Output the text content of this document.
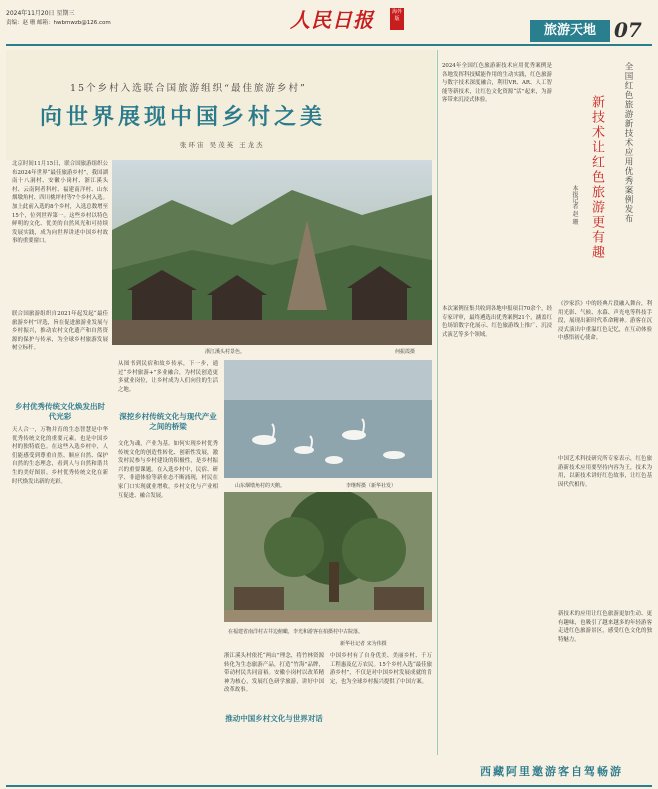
2024年11月20日 星期三
责编：赵 珊 邮箱：hwbmwzb@126.com	人民日报	海外版
旅游天地 07
15个乡村入选联合国旅游组织“最佳旅游乡村”
向世界展现中国乡村之美
张环宙 吴茂英 王龙杰
北京时间11月15日，联合国旅游组织公布2024年世界“最佳旅游乡村”，我国湖南十八洞村、安徽小岗村、浙江溪头村、云南阿者科村、福建南洋村、山东烟墩角村、四川桃坪村等7个乡村入选。加上此前入选的8个乡村，入选总数增至15个，位列世界第一。这些乡村以特色鲜明的文化、优美的自然风光和可持续发展实践，成为向世界讲述中国乡村故事的重要窗口。
联合国旅游组织自2021年起发起“最佳旅游乡村”评选，旨在促进旅游业发展与乡村振兴，推动农村文化遗产和自然资源的保护与传承，为全球乡村旅游发展树立标杆。
乡村优秀传统文化焕发出时代光彩
天人合一，万物并育的生态智慧是中华优秀传统文化的重要元素，也是中国乡村的独特底色。在这些入选乡村中，人们能感受到尊重自然、顺应自然、保护自然的生态理念，看到人与自然和谐共生的美好图景。乡村优秀传统文化在新时代焕发出新的光彩。
浙江溪头村景色。	何振霞摄
从图书到民宿和故乡传承，下一步，通过“乡村旅游+”多业融合，为村民创造更多就业岗位，让乡村成为人们向往的生活之地。
深挖乡村传统文化与现代产业之间的桥梁
文化为魂，产业为基。如何实现乡村优秀传统文化的创造性转化、创新性发展，激发村民参与乡村建设的积极性，是乡村振兴的重要课题。在入选乡村中，民宿、研学、非遗体验等新业态不断涌现，村民在家门口实现就业增收，乡村文化与产业相互促进、融合发展。
山东烟墩角村的天鹅。	李继辉摄（新华社发）
在福建省南洋村古井边俯瞰，李光和游客在拍摄村中古院落。
新华社记者 宋为伟摄
浙江溪头村依托“两山”理念，将竹林资源转化为生态旅游产品，打造“竹海”品牌，带动村民共同富裕。安徽小岗村以改革精神为核心，发展红色研学旅游，讲好中国改革故事。
推动中国乡村文化与世界对话
中国乡村有了自身优美、美丽乡村、千万工程惠及亿万农民。15个乡村入选“最佳旅游乡村”，不仅是对中国乡村发展成就的肯定，也为全球乡村振兴提供了中国方案。
2024年全国红色旅游新技术应用优秀案例是各地发挥科技赋能作用的生动实践，红色旅游与数字技术深度融合，利用VR、AR、人工智能等新技术，让红色文化资源“活”起来，为游客带来沉浸式体验。
本次案例征集共收到各地申报项目70余个，经专家评审，最终遴选出优秀案例21个，涵盖红色场馆数字化展示、红色旅游线上推广、沉浸式演艺等多个领域。
全国红色旅游新技术应用优秀案例发布
新技术让红色旅游更有趣
本报记者 赵 珊
《沙家浜》中的经典片段融入舞台，利用光影、气候、水幕、声光电等科技手段，展现出新时代革命精神。游客在沉浸式演出中重温红色记忆，在互动体验中感悟初心使命。
中国艺术科技研究所专家表示，红色旅游新技术应用要坚持内容为王，技术为用，以新技术讲好红色故事，让红色基因代代相传。
新技术的应用让红色旅游更加生动、更有趣味，也吸引了越来越多的年轻游客走进红色旅游景区，感受红色文化的独特魅力。
西藏阿里邀游客自驾畅游
